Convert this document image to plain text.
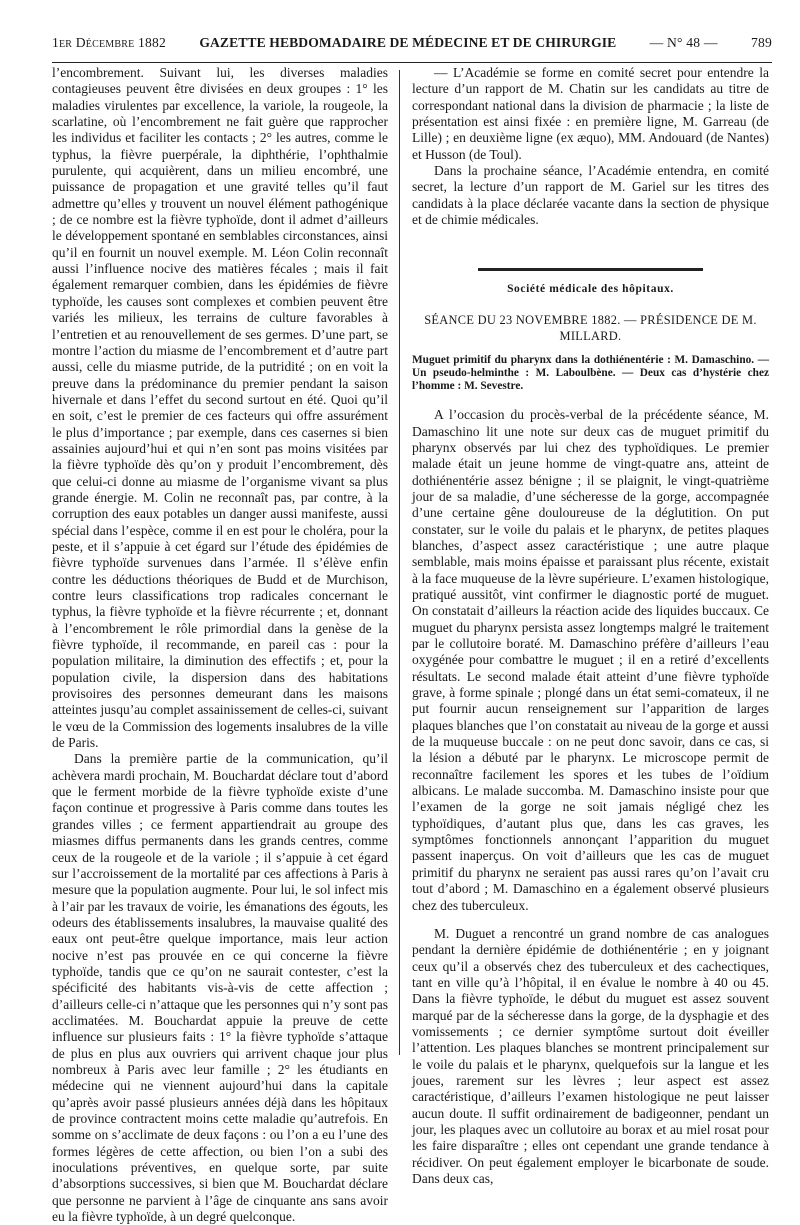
1er Décembre 1882 GAZETTE HEBDOMADAIRE DE MÉDECINE ET DE CHIRURGIE — N° 48 — 789

l’encombrement. Suivant lui, les diverses maladies contagieuses peuvent être divisées en deux groupes : 1° les maladies virulentes par excellence, la variole, la rougeole, la scarlatine, où l’encombrement ne fait guère que rapprocher les individus et faciliter les contacts ; 2° les autres, comme le typhus, la fièvre puerpérale, la diphthérie, l’ophthalmie purulente, qui acquièrent, dans un milieu encombré, une puissance de propagation et une gravité telles qu’il faut admettre qu’elles y trouvent un nouvel élément pathogénique ; de ce nombre est la fièvre typhoïde, dont il admet d’ailleurs le développement spontané en semblables circonstances, ainsi qu’il en fournit un nouvel exemple. M. Léon Colin reconnaît aussi l’influence nocive des matières fécales ; mais il fait également remarquer combien, dans les épidémies de fièvre typhoïde, les causes sont complexes et combien peuvent être variés les milieux, les terrains de culture favorables à l’entretien et au renouvellement de ses germes. D’une part, se montre l’action du miasme de l’encombrement et d’autre part aussi, celle du miasme putride, de la putridité ; on en voit la preuve dans la prédominance du premier pendant la saison hivernale et dans l’effet du second surtout en été. Quoi qu’il en soit, c’est le premier de ces facteurs qui offre assurément le plus d’importance ; par exemple, dans ces casernes si bien assainies aujourd’hui et qui n’en sont pas moins visitées par la fièvre typhoïde dès qu’on y produit l’encombrement, dès que celui-ci donne au miasme de l’organisme vivant sa plus grande énergie. M. Colin ne reconnaît pas, par contre, à la corruption des eaux potables un danger aussi manifeste, aussi spécial dans l’espèce, comme il en est pour le choléra, pour la peste, et il s’appuie à cet égard sur l’étude des épidémies de fièvre typhoïde survenues dans l’armée. Il s’élève enfin contre les déductions théoriques de Budd et de Murchison, contre leurs classifications trop radicales concernant le typhus, la fièvre typhoïde et la fièvre récurrente ; et, donnant à l’encombrement le rôle primordial dans la genèse de la fièvre typhoïde, il recommande, en pareil cas : pour la population militaire, la diminution des effectifs ; et, pour la population civile, la dispersion dans des habitations provisoires des personnes demeurant dans les maisons atteintes jusqu’au complet assainissement de celles-ci, suivant le vœu de la Commission des logements insalubres de la ville de Paris.

Dans la première partie de la communication, qu’il achèvera mardi prochain, M. Bouchardat déclare tout d’abord que le ferment morbide de la fièvre typhoïde existe d’une façon continue et progressive à Paris comme dans toutes les grandes villes ; ce ferment appartiendrait au groupe des miasmes diffus permanents dans les grands centres, comme ceux de la rougeole et de la variole ; il s’appuie à cet égard sur l’accroissement de la mortalité par ces affections à Paris à mesure que la population augmente. Pour lui, le sol infect mis à l’air par les travaux de voirie, les émanations des égouts, les odeurs des établissements insalubres, la mauvaise qualité des eaux ont peut-être quelque importance, mais leur action nocive n’est pas prouvée en ce qui concerne la fièvre typhoïde, tandis que ce qu’on ne saurait contester, c’est la spécificité des habitants vis-à-vis de cette affection ; d’ailleurs celle-ci n’attaque que les personnes qui n’y sont pas acclimatées. M. Bouchardat appuie la preuve de cette influence sur plusieurs faits : 1° la fièvre typhoïde s’attaque de plus en plus aux ouvriers qui arrivent chaque jour plus nombreux à Paris avec leur famille ; 2° les étudiants en médecine qui ne viennent aujourd’hui dans la capitale qu’après avoir passé plusieurs années déjà dans les hôpitaux de province contractent moins cette maladie qu’autrefois. En somme on s’acclimate de deux façons : ou l’on a eu l’une des formes légères de cette affection, ou bien l’on a subi des inoculations préventives, en quelque sorte, par suite d’absorptions successives, si bien que M. Bouchardat déclare que personne ne parvient à l’âge de cinquante ans sans avoir eu la fièvre typhoïde, à un degré quelconque.

— L’Académie se forme en comité secret pour entendre la lecture d’un rapport de M. Chatin sur les candidats au titre de correspondant national dans la division de pharmacie ; la liste de présentation est ainsi fixée : en première ligne, M. Garreau (de Lille) ; en deuxième ligne (ex æquo), MM. Andouard (de Nantes) et Husson (de Toul).

Dans la prochaine séance, l’Académie entendra, en comité secret, la lecture d’un rapport de M. Gariel sur les titres des candidats à la place déclarée vacante dans la section de physique et de chimie médicales.

Société médicale des hôpitaux.
SÉANCE DU 23 NOVEMBRE 1882. — PRÉSIDENCE DE M. MILLARD.
Muguet primitif du pharynx dans la dothiénentérie : M. Damaschino. — Un pseudo-helminthe : M. Laboulbène. — Deux cas d’hystérie chez l’homme : M. Sevestre.

A l’occasion du procès-verbal de la précédente séance, M. Damaschino lit une note sur deux cas de muguet primitif du pharynx observés par lui chez des typhoïdiques. Le premier malade était un jeune homme de vingt-quatre ans, atteint de dothiénentérie assez bénigne ; il se plaignit, le vingt-quatrième jour de sa maladie, d’une sécheresse de la gorge, accompagnée d’une certaine gêne douloureuse de la déglutition. On put constater, sur le voile du palais et le pharynx, de petites plaques blanches, d’aspect assez caractéristique ; une autre plaque semblable, mais moins épaisse et paraissant plus récente, existait à la face muqueuse de la lèvre supérieure. L’examen histologique, pratiqué aussitôt, vint confirmer le diagnostic porté de muguet. On constatait d’ailleurs la réaction acide des liquides buccaux. Ce muguet du pharynx persista assez longtemps malgré le traitement par le collutoire boraté. M. Damaschino préfère d’ailleurs l’eau oxygénée pour combattre le muguet ; il en a retiré d’excellents résultats. Le second malade était atteint d’une fièvre typhoïde grave, à forme spinale ; plongé dans un état semi-comateux, il ne put fournir aucun renseignement sur l’apparition de larges plaques blanches que l’on constatait au niveau de la gorge et aussi de la muqueuse buccale : on ne peut donc savoir, dans ce cas, si la lésion a débuté par le pharynx. Le microscope permit de reconnaître facilement les spores et les tubes de l’oïdium albicans. Le malade succomba. M. Damaschino insiste pour que l’examen de la gorge ne soit jamais négligé chez les typhoïdiques, d’autant plus que, dans les cas graves, les symptômes fonctionnels annonçant l’apparition du muguet passent inaperçus. On voit d’ailleurs que les cas de muguet primitif du pharynx ne seraient pas aussi rares qu’on l’avait cru tout d’abord ; M. Damaschino en a également observé plusieurs chez des tuberculeux.

M. Duguet a rencontré un grand nombre de cas analogues pendant la dernière épidémie de dothiénentérie ; en y joignant ceux qu’il a observés chez des tuberculeux et des cachectiques, tant en ville qu’à l’hôpital, il en évalue le nombre à 40 ou 45. Dans la fièvre typhoïde, le début du muguet est assez souvent marqué par de la sécheresse dans la gorge, de la dysphagie et des vomissements ; ce dernier symptôme surtout doit éveiller l’attention. Les plaques blanches se montrent principalement sur le voile du palais et le pharynx, quelquefois sur la langue et les joues, rarement sur les lèvres ; leur aspect est assez caractéristique, d’ailleurs l’examen histologique ne peut laisser aucun doute. Il suffit ordinairement de badigeonner, pendant un jour, les plaques avec un collutoire au borax et au miel rosat pour les faire disparaître ; elles ont cependant une grande tendance à récidiver. On peut également employer le bicarbonate de soude. Dans deux cas,
